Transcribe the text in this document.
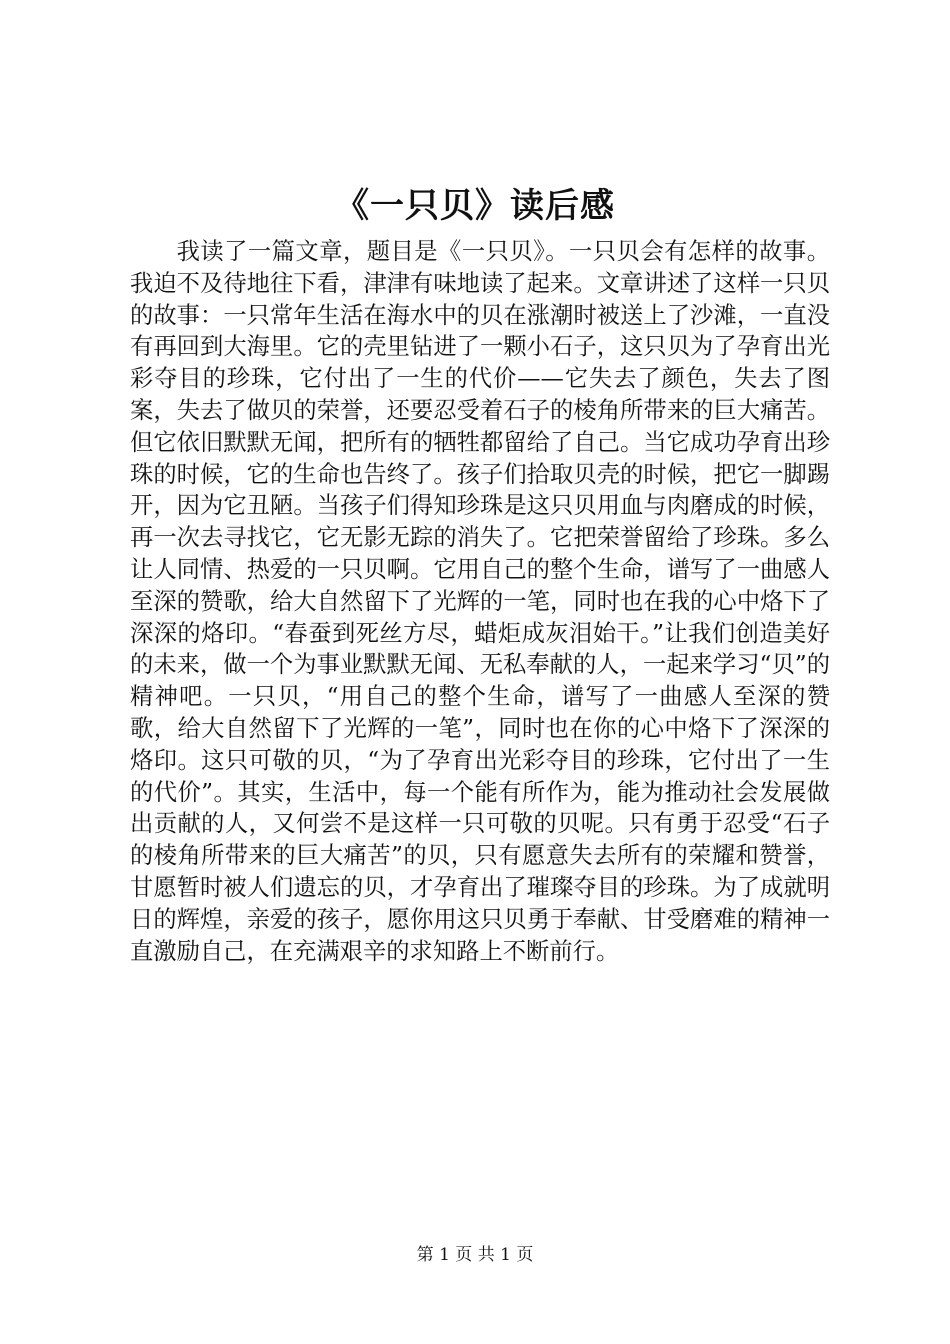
《一只贝》读后感

我读了一篇文章，题目是《一只贝》。一只贝会有怎样的故事。我迫不及待地往下看，津津有味地读了起来。文章讲述了这样一只贝的故事：一只常年生活在海水中的贝在涨潮时被送上了沙滩，一直没有再回到大海里。它的壳里钻进了一颗小石子，这只贝为了孕育出光彩夺目的珍珠，它付出了一生的代价——它失去了颜色，失去了图案，失去了做贝的荣誉，还要忍受着石子的棱角所带来的巨大痛苦。但它依旧默默无闻，把所有的牺牲都留给了自己。当它成功孕育出珍珠的时候，它的生命也告终了。孩子们拾取贝壳的时候，把它一脚踢开，因为它丑陋。当孩子们得知珍珠是这只贝用血与肉磨成的时候，再一次去寻找它，它无影无踪的消失了。它把荣誉留给了珍珠。多么让人同情、热爱的一只贝啊。它用自己的整个生命，谱写了一曲感人至深的赞歌，给大自然留下了光辉的一笔，同时也在我的心中烙下了深深的烙印。“春蚕到死丝方尽，蜡炬成灰泪始干。”让我们创造美好的未来，做一个为事业默默无闻、无私奉献的人，一起来学习“贝”的精神吧。一只贝，“用自己的整个生命，谱写了一曲感人至深的赞歌，给大自然留下了光辉的一笔”，同时也在你的心中烙下了深深的烙印。这只可敬的贝，“为了孕育出光彩夺目的珍珠，它付出了一生的代价”。其实，生活中，每一个能有所作为，能为推动社会发展做出贡献的人，又何尝不是这样一只可敬的贝呢。只有勇于忍受“石子的棱角所带来的巨大痛苦”的贝，只有愿意失去所有的荣耀和赞誉，甘愿暂时被人们遗忘的贝，才孕育出了璀璨夺目的珍珠。为了成就明日的辉煌，亲爱的孩子，愿你用这只贝勇于奉献、甘受磨难的精神一直激励自己，在充满艰辛的求知路上不断前行。

第 1 页 共 1 页
